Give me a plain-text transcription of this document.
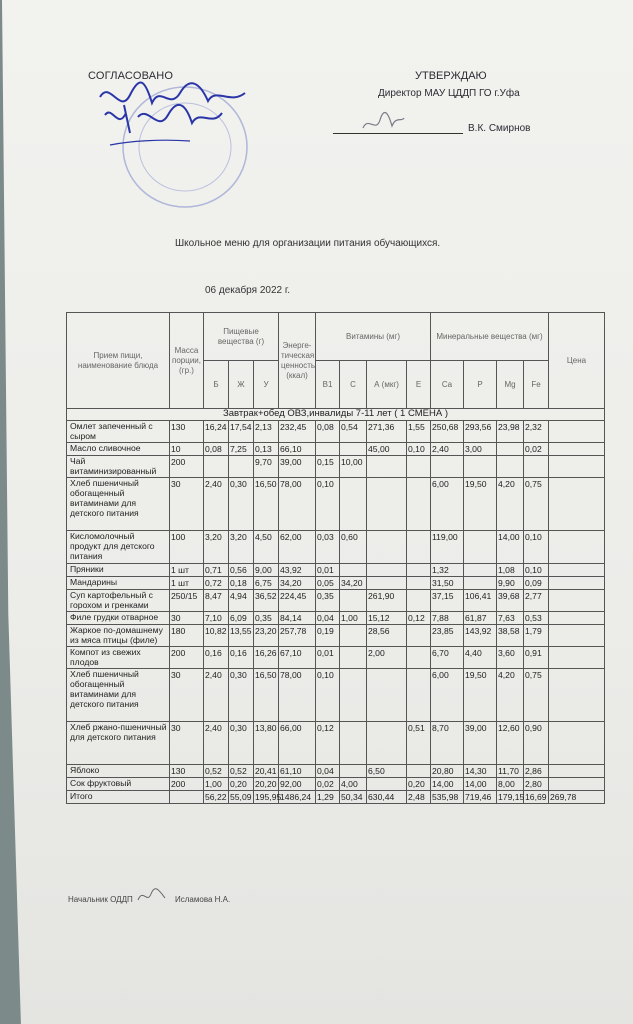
СОГЛАСОВАНО	УТВЕРЖДАЮ
Директор МАУ ЦДДП ГО г.Уфа
В.К. Смирнов
Школьное меню для организации питания обучающихся.
06 декабря 2022 г.
Прием пищи, наименование блюда	Масса порции, (гр.)	Пищевые вещества (г)			Энерге-тическая ценность (ккал)	Витамины (мг)				Минеральные вещества (мг)				Цена
		Б	Ж	У		B1	С	А (мкг)	Е	Ca	P	Mg	Fe	
Завтрак+обед ОВЗ,инвалиды 7-11 лет ( 1 СМЕНА )														
Омлет запеченный с сыром	130	16,24	17,54	2,13	232,45	0,08	0,54	271,36	1,55	250,68	293,56	23,98	2,32	
Масло сливочное	10	0,08	7,25	0,13	66,10			45,00	0,10	2,40	3,00		0,02	
Чай витаминизированный	200			9,70	39,00	0,15	10,00							
Хлеб пшеничный обогащенный витаминами для детского питания	30	2,40	0,30	16,50	78,00	0,10				6,00	19,50	4,20	0,75	
Кисломолочный продукт для детского питания	100	3,20	3,20	4,50	62,00	0,03	0,60			119,00		14,00	0,10	
Пряники	1 шт	0,71	0,56	9,00	43,92	0,01				1,32		1,08	0,10	
Мандарины	1 шт	0,72	0,18	6,75	34,20	0,05	34,20			31,50		9,90	0,09	
Суп картофельный с горохом и гренками	250/15	8,47	4,94	36,52	224,45	0,35		261,90		37,15	106,41	39,68	2,77	
Филе грудки отварное	30	7,10	6,09	0,35	84,14	0,04	1,00	15,12	0,12	7,88	61,87	7,63	0,53	
Жаркое по-домашнему из мяса птицы (филе)	180	10,82	13,55	23,20	257,78	0,19		28,56		23,85	143,92	38,58	1,79	
Компот из свежих плодов	200	0,16	0,16	16,26	67,10	0,01		2,00		6,70	4,40	3,60	0,91	
Хлеб пшеничный обогащенный витаминами для детского питания	30	2,40	0,30	16,50	78,00	0,10				6,00	19,50	4,20	0,75	
Хлеб ржано-пшеничный для детского питания	30	2,40	0,30	13,80	66,00	0,12			0,51	8,70	39,00	12,60	0,90	
Яблоко	130	0,52	0,52	20,41	61,10	0,04		6,50		20,80	14,30	11,70	2,86	
Сок фруктовый	200	1,00	0,20	20,20	92,00	0,02	4,00		0,20	14,00	14,00	8,00	2,80	
Итого		56,22	55,09	195,95	1486,24	1,29	50,34	630,44	2,48	535,98	719,46	179,15	16,69	269,78
Начальник ОДДП	Исламова Н.А.
